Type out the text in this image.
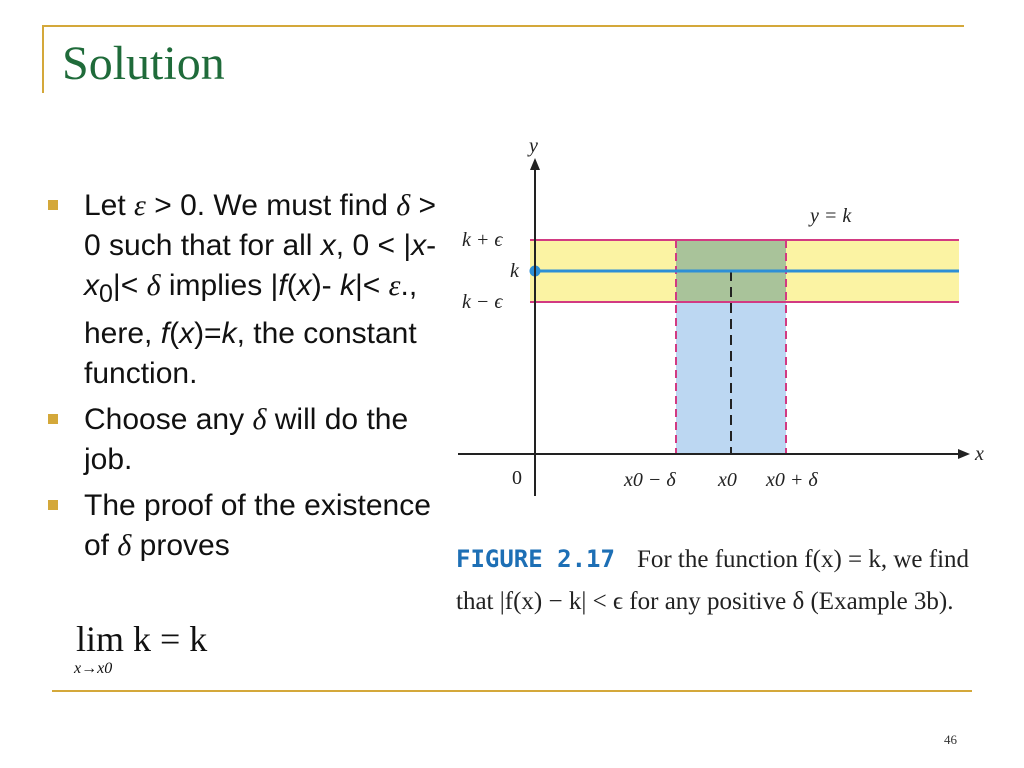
Solution
Let ε > 0. We must find δ > 0 such that for all x, $0 < |x-x_0|< \delta$ implies |f(x)- k|< ε., here, f(x)=k, the constant function.
Choose any δ will do the job.
The proof of the existence of δ proves
lim k = k
x→x0
y
x
0
y = k
k + ϵ
k
k − ϵ
x0 − δ x0 x0 + δ
FIGURE 2.17 For the function f(x) = k, we find that |f(x) − k| < ϵ for any positive δ (Example 3b).
46
